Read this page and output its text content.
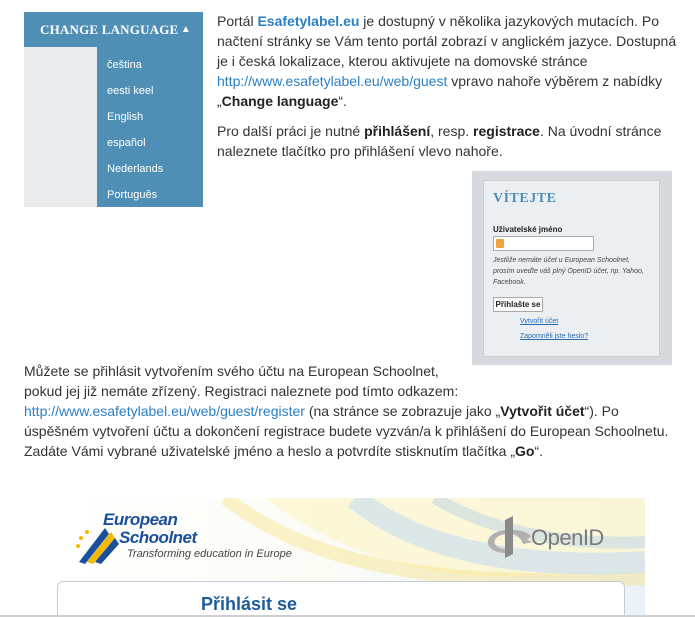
CHANGE LANGUAGE ▲
čeština
eesti keel
English
español
Nederlands
Português

Portál Esafetylabel.eu je dostupný v několika jazykových mutacích. Po načtení stránky se Vám tento portál zobrazí v anglickém jazyce. Dostupná je i česká lokalizace, kterou aktivujete na domovské stránce http://www.esafetylabel.eu/web/guest vpravo nahoře výběrem z nabídky „Change language“.

Pro další práci je nutné přihlášení, resp. registrace. Na úvodní stránce naleznete tlačítko pro přihlášení vlevo nahoře.

VÍTEJTE
Uživatelské jméno
Jestliže nemáte účet u European Schoolnet, prosím uveďte váš plný OpenID účet, np. Yahoo, Facebook.
Přihlašte se
Vytvořit účet
Zapomněli jste heslo?

Můžete se přihlásit vytvořením svého účtu na European Schoolnet,
pokud jej již nemáte zřízený. Registraci naleznete pod tímto odkazem:
http://www.esafetylabel.eu/web/guest/register (na stránce se zobrazuje jako „Vytvořit účet“). Po úspěšném vytvoření účtu a dokončení registrace budete vyzván/a k přihlášení do European Schoolnetu. Zadáte Vámi vybrané uživatelské jméno a heslo a potvrdíte stisknutím tlačítka „Go“.

European
Schoolnet
Transforming education in Europe
OpenID
Přihlásit se
